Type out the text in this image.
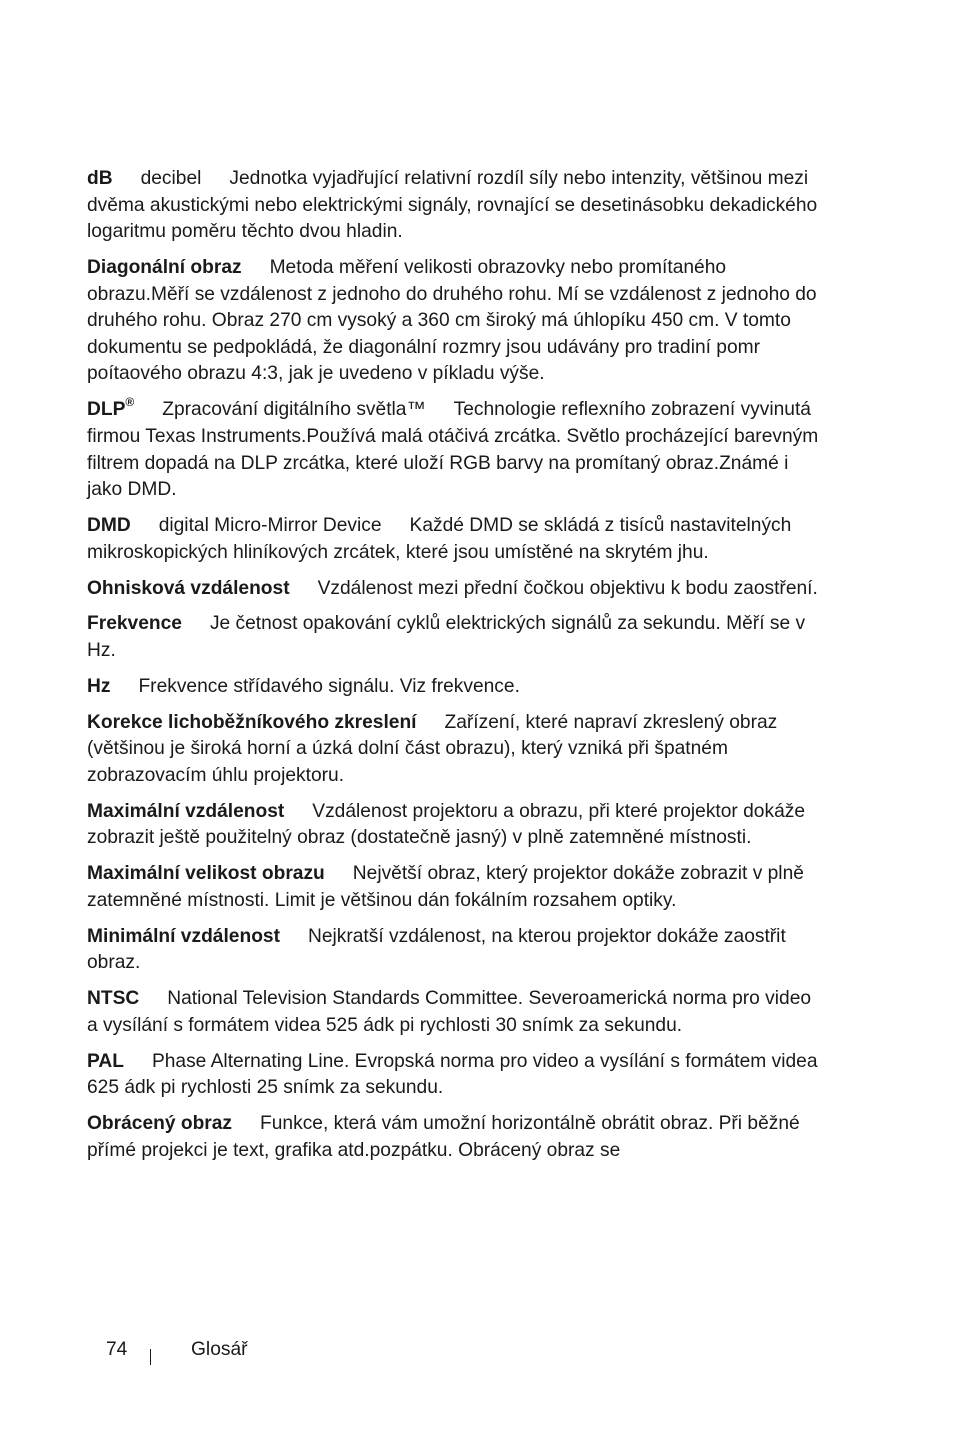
dB decibel Jednotka vyjadřující relativní rozdíl síly nebo intenzity, většinou mezi dvěma akustickými nebo elektrickými signály, rovnající se desetinásobku dekadického logaritmu poměru těchto dvou hladin.

Diagonální obraz Metoda měření velikosti obrazovky nebo promítaného obrazu.Měří se vzdálenost z jednoho do druhého rohu. Mí se vzdálenost z jednoho do druhého rohu. Obraz 270 cm vysoký a 360 cm široký má úhlopíku 450 cm. V tomto dokumentu se pedpokládá, že diagonální rozmry jsou udávány pro tradiní pomr poítaového obrazu 4:3, jak je uvedeno v píkladu výše.

DLP® Zpracování digitálního světla™ Technologie reflexního zobrazení vyvinutá firmou Texas Instruments.Používá malá otáčivá zrcátka. Světlo procházející barevným filtrem dopadá na DLP zrcátka, které uloží RGB barvy na promítaný obraz.Známé i jako DMD.

DMD digital Micro-Mirror Device Každé DMD se skládá z tisíců nastavitelných mikroskopických hliníkových zrcátek, které jsou umístěné na skrytém jhu.

Ohnisková vzdálenost Vzdálenost mezi přední čočkou objektivu k bodu zaostření.

Frekvence Je četnost opakování cyklů elektrických signálů za sekundu. Měří se v Hz.

Hz Frekvence střídavého signálu. Viz frekvence.

Korekce lichoběžníkového zkreslení Zařízení, které napraví zkreslený obraz (většinou je široká horní a úzká dolní část obrazu), který vzniká při špatném zobrazovacím úhlu projektoru.

Maximální vzdálenost Vzdálenost projektoru a obrazu, při které projektor dokáže zobrazit ještě použitelný obraz (dostatečně jasný) v plně zatemněné místnosti.

Maximální velikost obrazu Největší obraz, který projektor dokáže zobrazit v plně zatemněné místnosti. Limit je většinou dán fokálním rozsahem optiky.

Minimální vzdálenost Nejkratší vzdálenost, na kterou projektor dokáže zaostřit obraz.

NTSC National Television Standards Committee. Severoamerická norma pro video a vysílání s formátem videa 525 ádk pi rychlosti 30 snímk za sekundu.

PAL Phase Alternating Line. Evropská norma pro video a vysílání s formátem videa 625 ádk pi rychlosti 25 snímk za sekundu.

Obrácený obraz Funkce, která vám umožní horizontálně obrátit obraz. Při běžné přímé projekci je text, grafika atd.pozpátku. Obrácený obraz se

74	Glosář
